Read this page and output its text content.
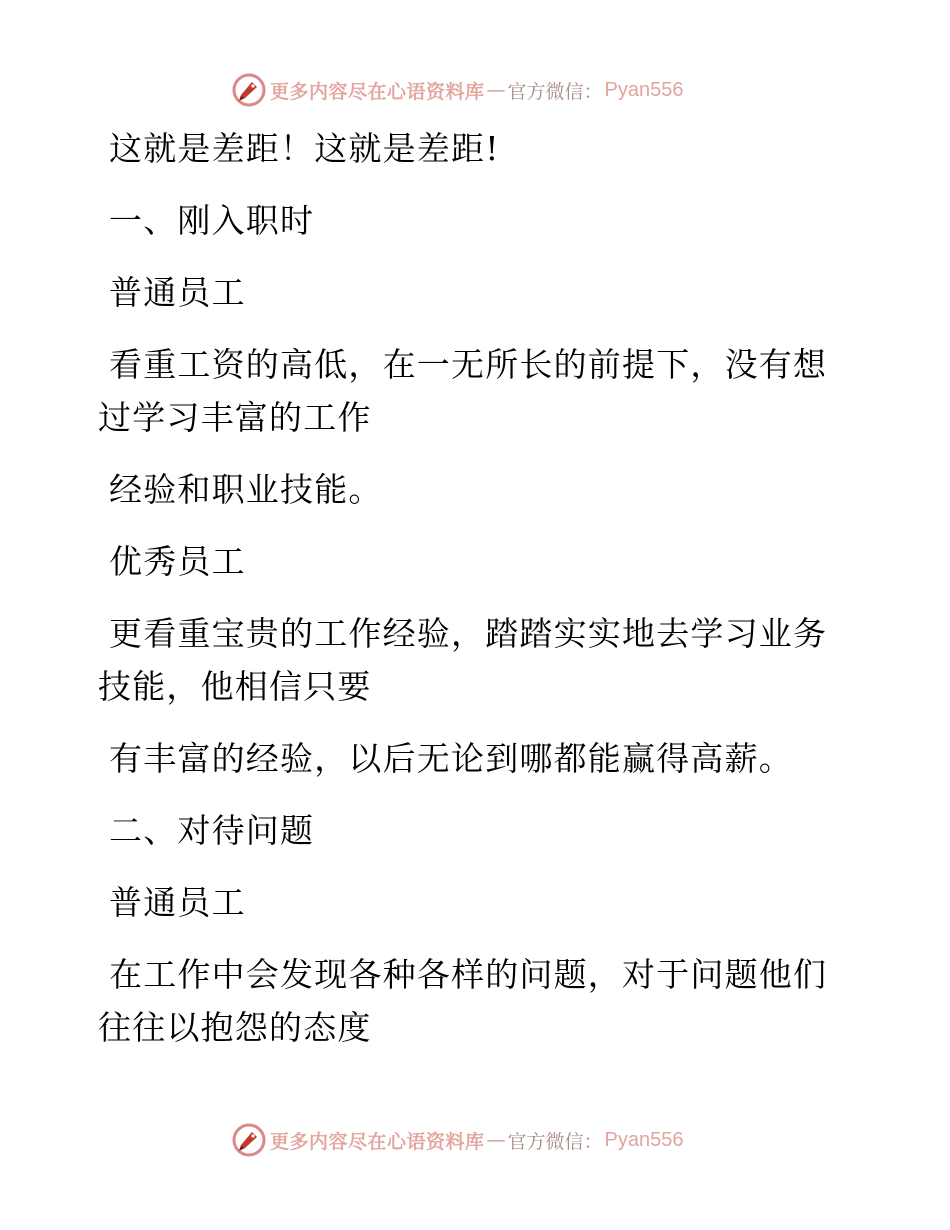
更多内容尽在心语资料库 — 官方微信： Pyan556

这就是差距！这就是差距!

一、刚入职时

普通员工

看重工资的高低，在一无所长的前提下，没有想
过学习丰富的工作

经验和职业技能。

优秀员工

更看重宝贵的工作经验，踏踏实实地去学习业务
技能，他相信只要

有丰富的经验，以后无论到哪都能赢得高薪。

二、对待问题

普通员工

在工作中会发现各种各样的问题，对于问题他们
往往以抱怨的态度

更多内容尽在心语资料库 — 官方微信： Pyan556
